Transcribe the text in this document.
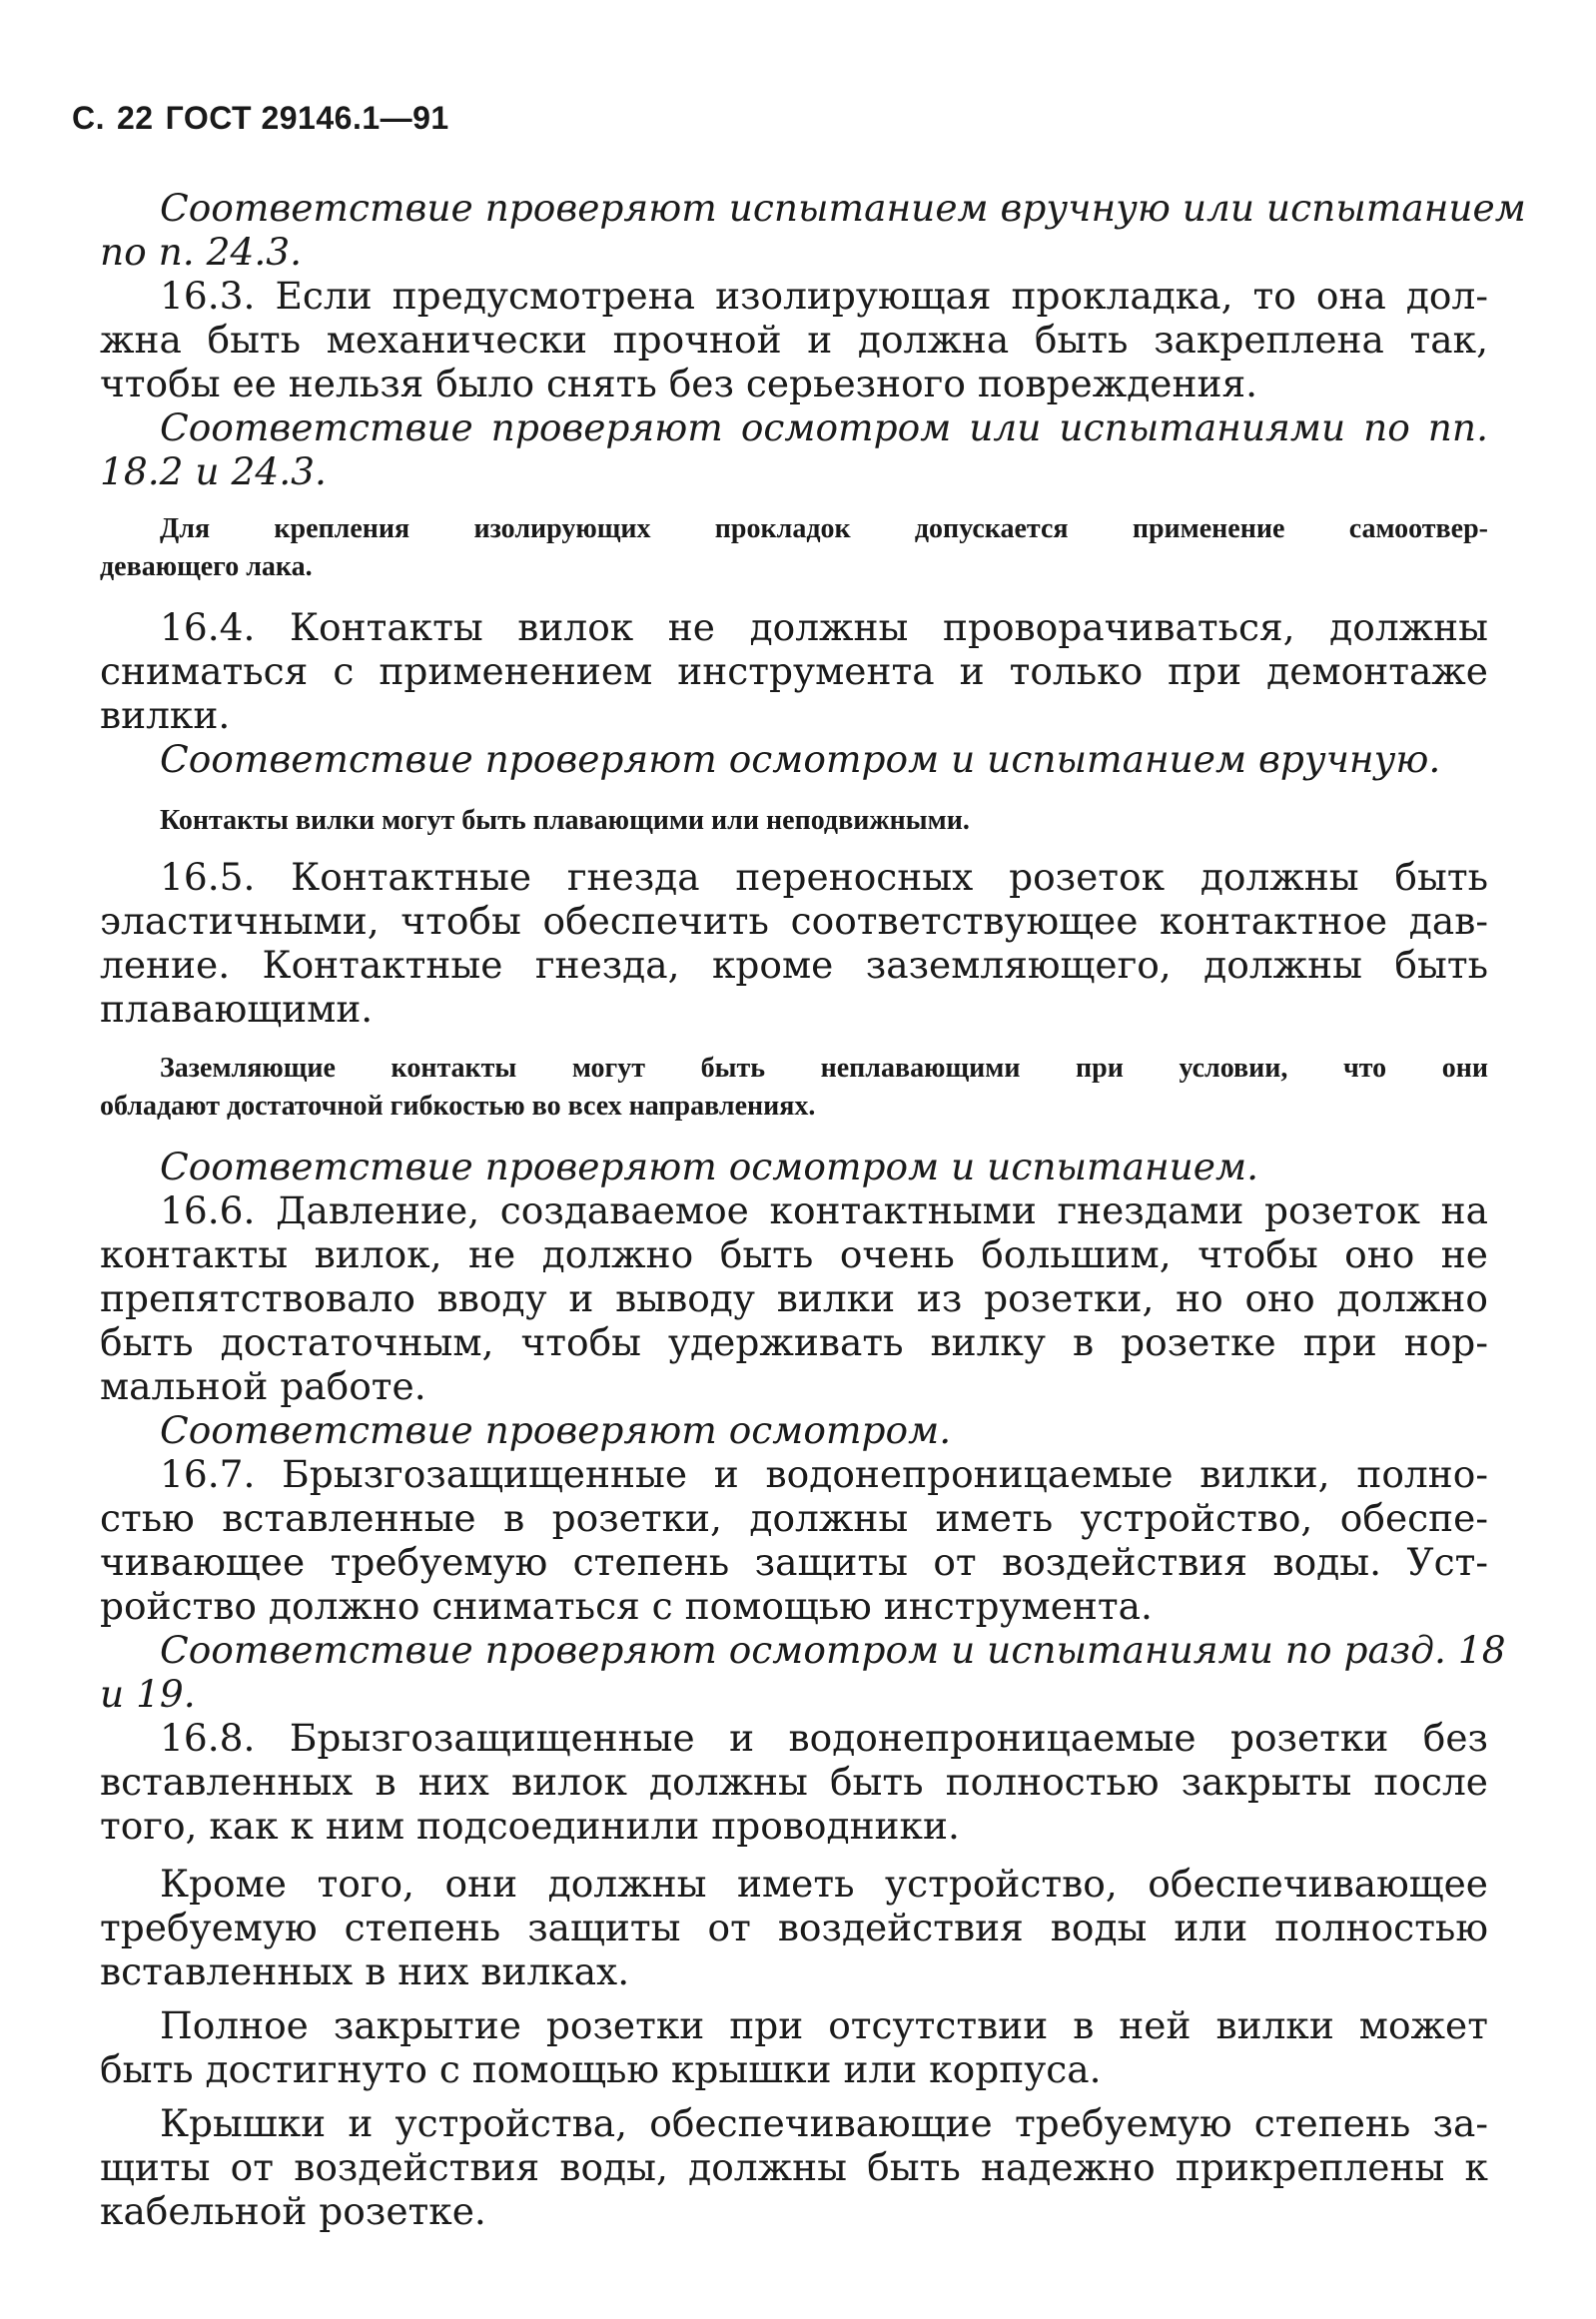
С. 22 ГОСТ 29146.1—91
Соответствие проверяют испытанием вручную или испытанием
по п. 24.3.
16.3. Если предусмотрена изолирующая прокладка, то она дол-
жна быть механически прочной и должна быть закреплена так,
чтобы ее нельзя было снять без серьезного повреждения.
Соответствие проверяют осмотром или испытаниями по пп.
18.2 и 24.3.
Для крепления изолирующих прокладок допускается применение самоотвер-
девающего лака.
16.4. Контакты вилок не должны проворачиваться, должны
сниматься с применением инструмента и только при демонтаже
вилки.
Соответствие проверяют осмотром и испытанием вручную.
Контакты вилки могут быть плавающими или неподвижными.
16.5. Контактные гнезда переносных розеток должны быть
эластичными, чтобы обеспечить соответствующее контактное дав-
ление. Контактные гнезда, кроме заземляющего, должны быть
плавающими.
Заземляющие контакты могут быть неплавающими при условии, что они
обладают достаточной гибкостью во всех направлениях.
Соответствие проверяют осмотром и испытанием.
16.6. Давление, создаваемое контактными гнездами розеток на
контакты вилок, не должно быть очень большим, чтобы оно не
препятствовало вводу и выводу вилки из розетки, но оно должно
быть достаточным, чтобы удерживать вилку в розетке при нор-
мальной работе.
Соответствие проверяют осмотром.
16.7. Брызгозащищенные и водонепроницаемые вилки, полно-
стью вставленные в розетки, должны иметь устройство, обеспе-
чивающее требуемую степень защиты от воздействия воды. Уст-
ройство должно сниматься с помощью инструмента.
Соответствие проверяют осмотром и испытаниями по разд. 18
и 19.
16.8. Брызгозащищенные и водонепроницаемые розетки без
вставленных в них вилок должны быть полностью закрыты после
того, как к ним подсоединили проводники.
Кроме того, они должны иметь устройство, обеспечивающее
требуемую степень защиты от воздействия воды или полностью
вставленных в них вилках.
Полное закрытие розетки при отсутствии в ней вилки может
быть достигнуто с помощью крышки или корпуса.
Крышки и устройства, обеспечивающие требуемую степень за-
щиты от воздействия воды, должны быть надежно прикреплены к
кабельной розетке.
